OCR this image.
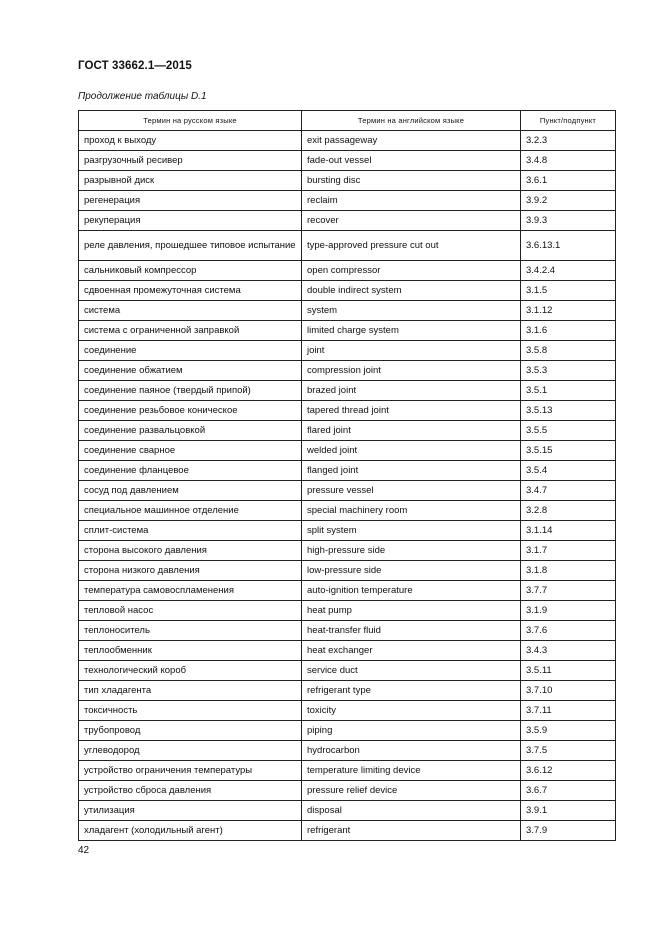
ГОСТ 33662.1—2015
Продолжение таблицы D.1
Термин на русском языке	Термин на английском языке	Пункт/подпункт
проход к выходу	exit passageway	3.2.3
разгрузочный ресивер	fade-out vessel	3.4.8
разрывной диск	bursting disc	3.6.1
регенерация	reclaim	3.9.2
рекуперация	recover	3.9.3
реле давления, прошедшее типовое испытание	type-approved pressure cut out	3.6.13.1
сальниковый компрессор	open compressor	3.4.2.4
сдвоенная промежуточная система	double indirect system	3.1.5
система	system	3.1.12
система с ограниченной заправкой	limited charge system	3.1.6
соединение	joint	3.5.8
соединение обжатием	compression joint	3.5.3
соединение паяное (твердый припой)	brazed joint	3.5.1
соединение резьбовое коническое	tapered thread joint	3.5.13
соединение развальцовкой	flared joint	3.5.5
соединение сварное	welded joint	3.5.15
соединение фланцевое	flanged joint	3.5.4
сосуд под давлением	pressure vessel	3.4.7
специальное машинное отделение	special machinery room	3.2.8
сплит-система	split system	3.1.14
сторона высокого давления	high-pressure side	3.1.7
сторона низкого давления	low-pressure side	3.1.8
температура самовоспламенения	auto-ignition temperature	3.7.7
тепловой насос	heat pump	3.1.9
теплоноситель	heat-transfer fluid	3.7.6
теплообменник	heat exchanger	3.4.3
технологический короб	service duct	3.5.11
тип хладагента	refrigerant type	3.7.10
токсичность	toxicity	3.7.11
трубопровод	piping	3.5.9
углеводород	hydrocarbon	3.7.5
устройство ограничения температуры	temperature limiting device	3.6.12
устройство сброса давления	pressure relief device	3.6.7
утилизация	disposal	3.9.1
хладагент (холодильный агент)	refrigerant	3.7.9
42
